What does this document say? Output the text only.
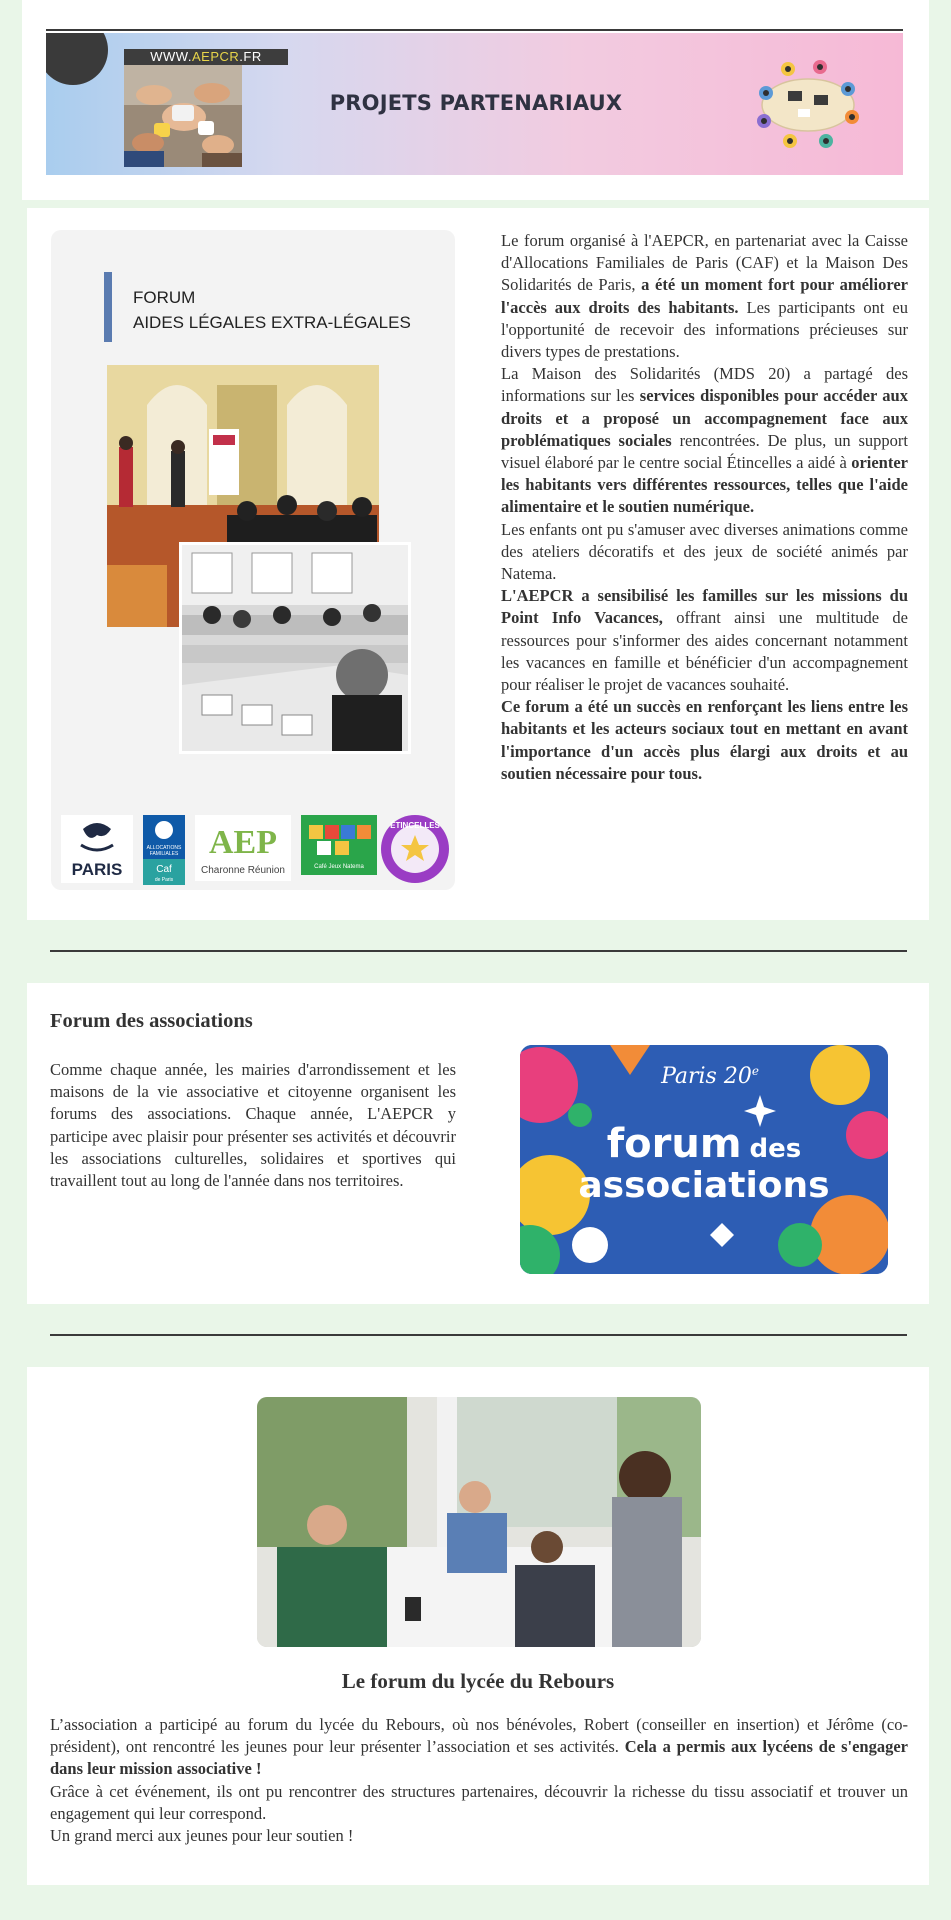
WWW.AEPCR.FR
PROJETS PARTENARIAUX
FORUM
AIDES LÉGALES EXTRA-LÉGALES
PARIS
ALLOCATIONS
FAMILIALES
Caf
de Paris
AEP
Charonne Réunion	Café Jeux Natema
ÉTINCELLES

Le forum organisé à l'AEPCR, en partenariat avec la Caisse d'Allocations Familiales de Paris (CAF) et la Maison Des Solidarités de Paris, a été un moment fort pour améliorer l'accès aux droits des habitants. Les participants ont eu l'opportunité de recevoir des informations précieuses sur divers types de prestations.

La Maison des Solidarités (MDS 20) a partagé des informations sur les services disponibles pour accéder aux droits et a proposé un accompagnement face aux problématiques sociales rencontrées. De plus, un support visuel élaboré par le centre social Étincelles a aidé à orienter les habitants vers différentes ressources, telles que l'aide alimentaire et le soutien numérique.

Les enfants ont pu s'amuser avec diverses animations comme des ateliers décoratifs et des jeux de société animés par Natema.

L'AEPCR a sensibilisé les familles sur les missions du Point Info Vacances, offrant ainsi une multitude de ressources pour s'informer des aides concernant notamment les vacances en famille et bénéficier d'un accompagnement pour réaliser le projet de vacances souhaité.

Ce forum a été un succès en renforçant les liens entre les habitants et les acteurs sociaux tout en mettant en avant l'importance d'un accès plus élargi aux droits et au soutien nécessaire pour tous.

Forum des associations
Comme chaque année, les mairies d'arrondissement et les maisons de la vie associative et citoyenne organisent les forums des associations. Chaque année, L'AEPCR y participe avec plaisir pour présenter ses activités et découvrir les associations culturelles, solidaires et sportives qui travaillent tout au long de l'année dans nos territoires.
Paris 20e
forum des
associations
Le forum du lycée du Rebours

L’association a participé au forum du lycée du Rebours, où nos bénévoles, Robert (conseiller en insertion) et Jérôme (co-président), ont rencontré les jeunes pour leur présenter l’association et ses activités. Cela a permis aux lycéens de s'engager dans leur mission associative !

Grâce à cet événement, ils ont pu rencontrer des structures partenaires, découvrir la richesse du tissu associatif et trouver un engagement qui leur correspond.

Un grand merci aux jeunes pour leur soutien !
